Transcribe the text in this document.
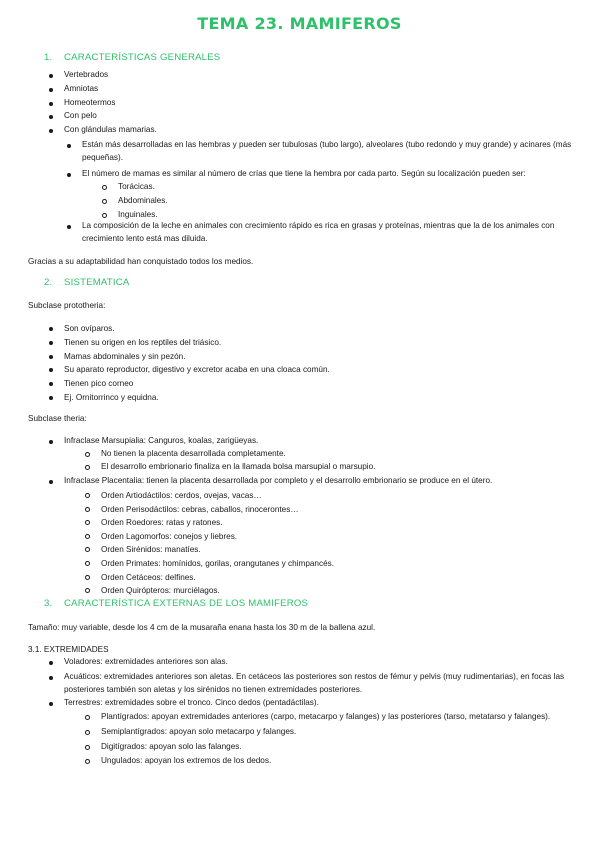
TEMA 23. MAMIFEROS
1. CARACTERÍSTICAS GENERALES
Vertebrados
Amniotas
Homeotermos
Con pelo
Con glándulas mamarias.
Están más desarrolladas en las hembras y pueden ser tubulosas (tubo largo), alveolares (tubo redondo y muy grande) y acinares (más pequeñas).
El número de mamas es similar al número de crías que tiene la hembra por cada parto. Según su localización pueden ser:
Torácicas.
Abdominales.
Inguinales.
La composición de la leche en animales con crecimiento rápido es rica en grasas y proteínas, mientras que la de los animales con crecimiento lento está mas diluida.
Gracias a su adaptabilidad han conquistado todos los medios.
2. SISTEMATICA
Subclase prototheria:
Son ovíparos.
Tienen su origen en los reptiles del triásico.
Mamas abdominales y sin pezón.
Su aparato reproductor, digestivo y excretor acaba en una cloaca común.
Tienen pico corneo
Ej. Ornitorrinco y equidna.
Subclase theria:
Infraclase Marsupialia: Canguros, koalas, zarigüeyas.
No tienen la placenta desarrollada completamente.
El desarrollo embrionario finaliza en la llamada bolsa marsupial o marsupio.
Infraclase Placentalia: tienen la placenta desarrollada por completo y el desarrollo embrionario se produce en el útero.
Orden Artiodáctilos: cerdos, ovejas, vacas…
Orden Perisodáctilos: cebras, caballos, rinocerontes…
Orden Roedores: ratas y ratones.
Orden Lagomorfos: conejos y liebres.
Orden Sirénidos: manatíes.
Orden Primates: homínidos, gorilas, orangutanes y chimpancés.
Orden Cetáceos: delfines.
Orden Quirópteros: murciélagos.
3. CARACTERÍSTICA EXTERNAS DE LOS MAMIFEROS
Tamaño: muy variable, desde los 4 cm de la musaraña enana hasta los 30 m de la ballena azul.
3.1. EXTREMIDADES
Voladores: extremidades anteriores son alas.
Acuáticos: extremidades anteriores son aletas. En cetáceos las posteriores son restos de fémur y pelvis (muy rudimentarias), en focas las posteriores también son aletas y los sirénidos no tienen extremidades posteriores.
Terrestres: extremidades sobre el tronco. Cinco dedos (pentadáctilas).
Plantígrados: apoyan extremidades anteriores (carpo, metacarpo y falanges) y las posteriores (tarso, metatarso y falanges).
Semiplantígrados: apoyan solo metacarpo y falanges.
Digitígrados: apoyan solo las falanges.
Ungulados: apoyan los extremos de los dedos.
